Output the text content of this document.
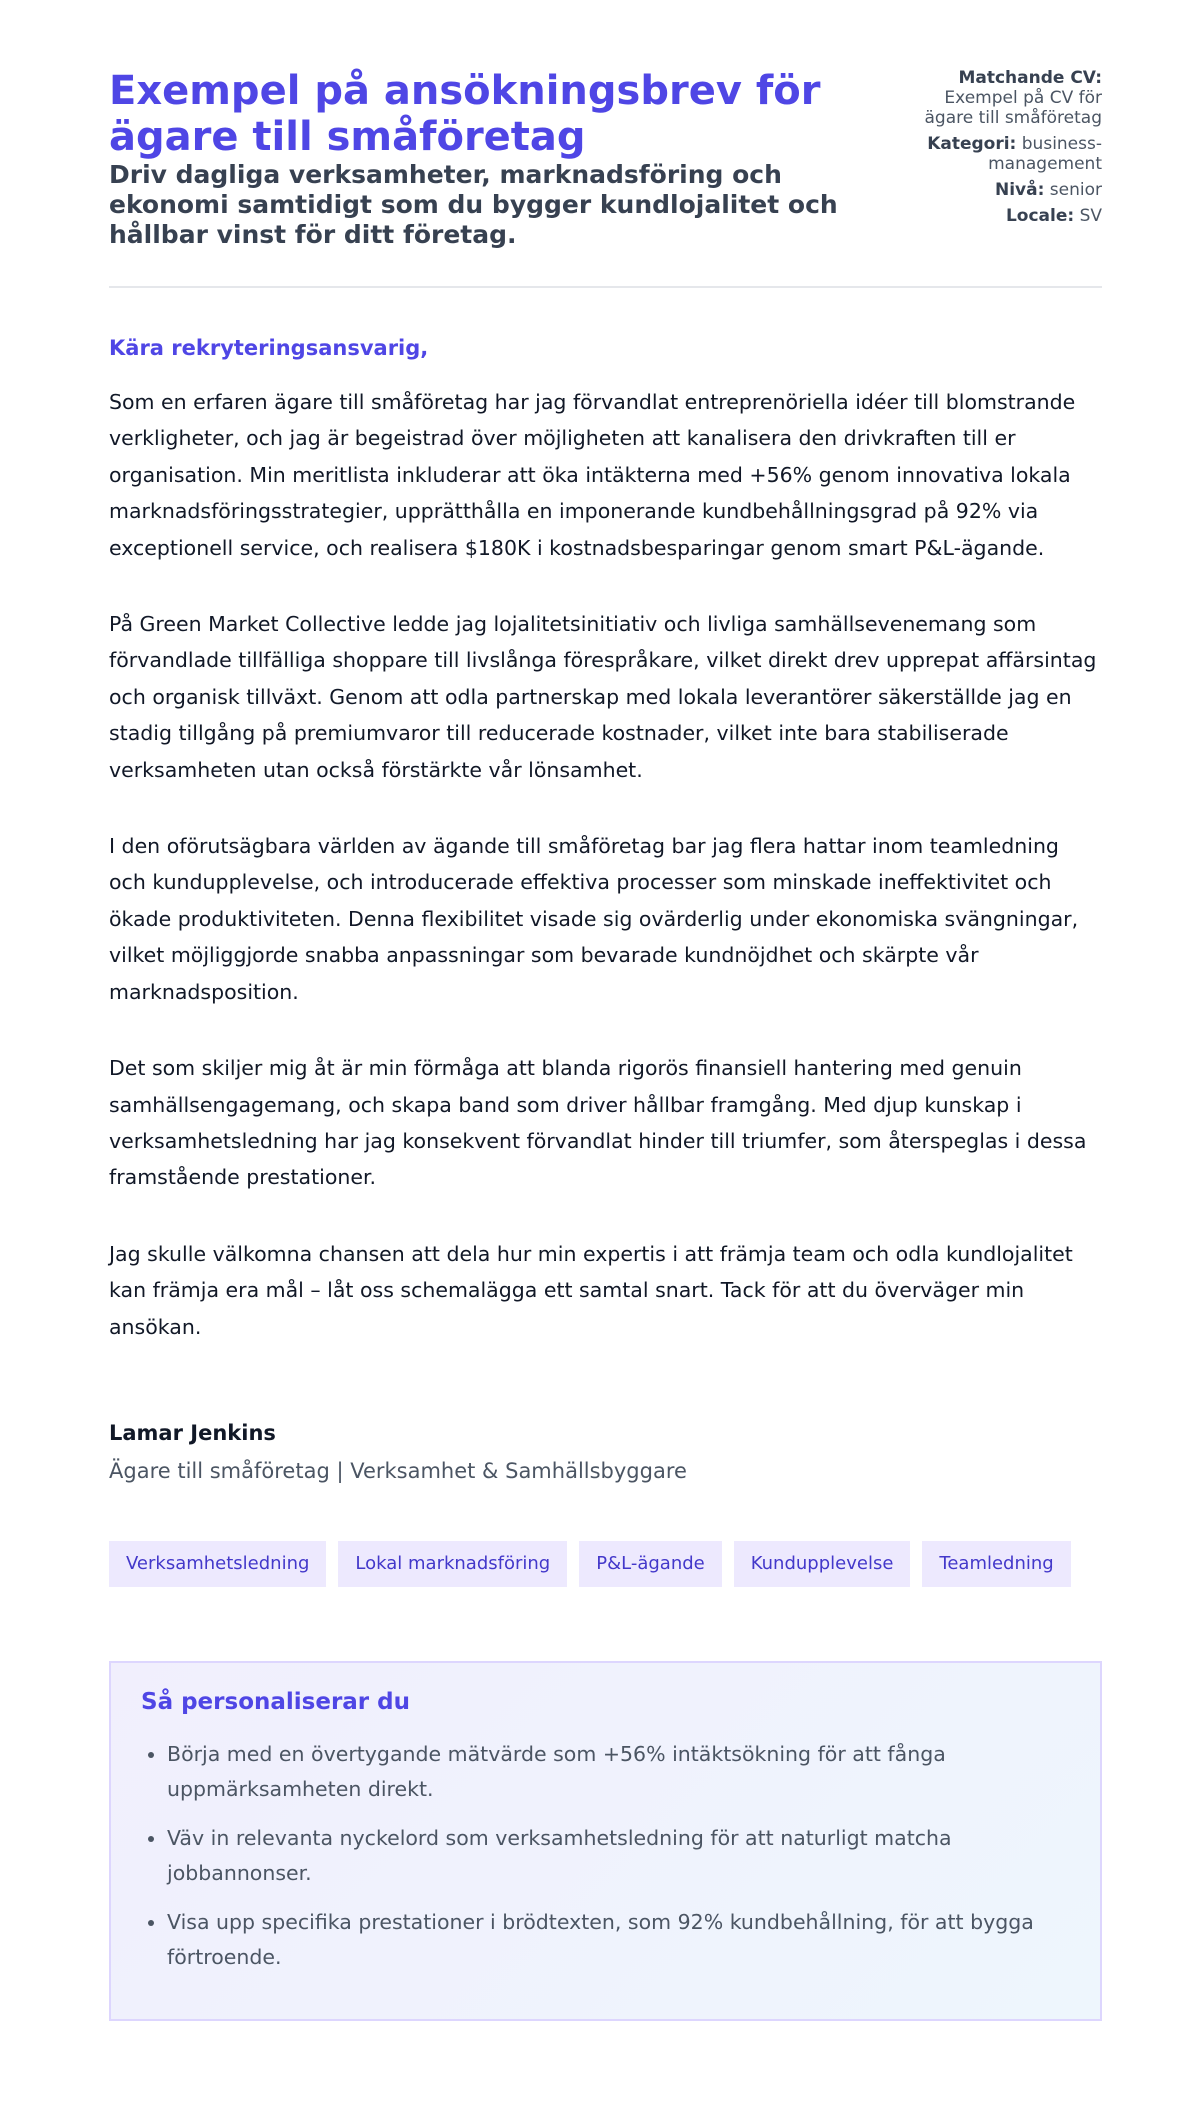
Exempel på ansökningsbrev för ägare till småföretag

Driv dagliga verksamheter, marknadsföring och ekonomi samtidigt som du bygger kundlojalitet och hållbar vinst för ditt företag.

Matchande CV:
Exempel på CV för ägare till småföretag
Kategori: business-management
Nivå: senior
Locale: SV
Kära rekryteringsansvarig,

Som en erfaren ägare till småföretag har jag förvandlat entreprenöriella idéer till blomstrande verkligheter, och jag är begeistrad över möjligheten att kanalisera den drivkraften till er organisation. Min meritlista inkluderar att öka intäkterna med +56% genom innovativa lokala marknadsföringsstrategier, upprätthålla en imponerande kundbehållningsgrad på 92% via exceptionell service, och realisera $180K i kostnadsbesparingar genom smart P&L-ägande.

På Green Market Collective ledde jag lojalitetsinitiativ och livliga samhällsevenemang som förvandlade tillfälliga shoppare till livslånga förespråkare, vilket direkt drev upprepat affärsintag och organisk tillväxt. Genom att odla partnerskap med lokala leverantörer säkerställde jag en stadig tillgång på premiumvaror till reducerade kostnader, vilket inte bara stabiliserade verksamheten utan också förstärkte vår lönsamhet.

I den oförutsägbara världen av ägande till småföretag bar jag flera hattar inom teamledning och kundupplevelse, och introducerade effektiva processer som minskade ineffektivitet och ökade produktiviteten. Denna flexibilitet visade sig ovärderlig under ekonomiska svängningar, vilket möjliggjorde snabba anpassningar som bevarade kundnöjdhet och skärpte vår marknadsposition.

Det som skiljer mig åt är min förmåga att blanda rigorös finansiell hantering med genuin samhällsengagemang, och skapa band som driver hållbar framgång. Med djup kunskap i verksamhetsledning har jag konsekvent förvandlat hinder till triumfer, som återspeglas i dessa framstående prestationer.

Jag skulle välkomna chansen att dela hur min expertis i att främja team och odla kundlojalitet kan främja era mål – låt oss schemalägga ett samtal snart. Tack för att du överväger min ansökan.

Lamar Jenkins
Ägare till småföretag | Verksamhet & Samhällsbyggare
Verksamhetsledning	Lokal marknadsföring	P&L-ägande	Kundupplevelse	Teamledning
Så personaliserar du
• Börja med en övertygande mätvärde som +56% intäktsökning för att fånga uppmärksamheten direkt.
• Väv in relevanta nyckelord som verksamhetsledning för att naturligt matcha jobbannonser.
• Visa upp specifika prestationer i brödtexten, som 92% kundbehållning, för att bygga förtroende.
